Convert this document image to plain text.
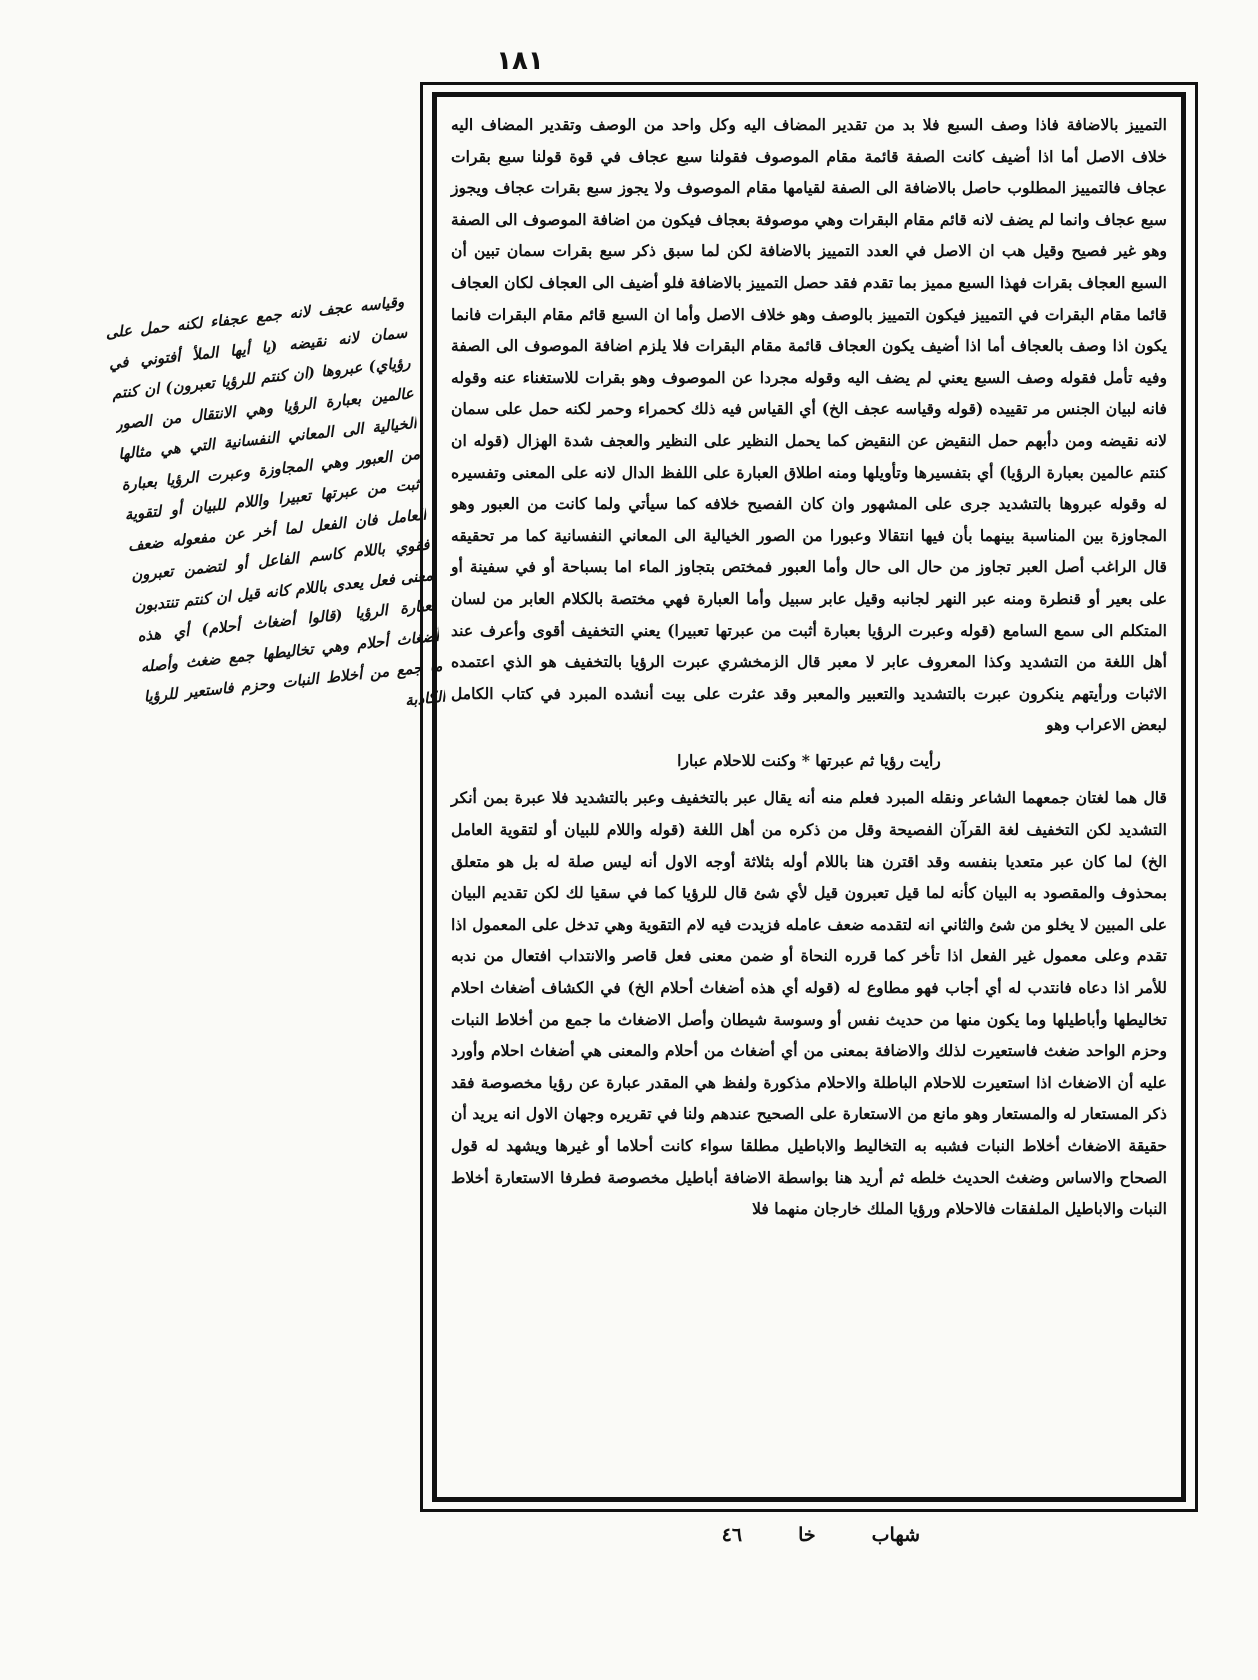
١٨١

التمييز بالاضافة فاذا وصف السبع فلا بد من تقدير المضاف اليه وكل واحد من الوصف وتقدير المضاف اليه خلاف الاصل أما اذا أضيف كانت الصفة قائمة مقام الموصوف فقولنا سبع عجاف في قوة قولنا سبع بقرات عجاف فالتمييز المطلوب حاصل بالاضافة الى الصفة لقيامها مقام الموصوف ولا يجوز سبع بقرات عجاف ويجوز سبع عجاف وانما لم يضف لانه قائم مقام البقرات وهي موصوفة بعجاف فيكون من اضافة الموصوف الى الصفة وهو غير فصيح وقيل هب ان الاصل في العدد التمييز بالاضافة لكن لما سبق ذكر سبع بقرات سمان تبين أن السبع العجاف بقرات فهذا السبع مميز بما تقدم فقد حصل التمييز بالاضافة فلو أضيف الى العجاف لكان العجاف قائما مقام البقرات في التمييز فيكون التمييز بالوصف وهو خلاف الاصل وأما ان السبع قائم مقام البقرات فانما يكون اذا وصف بالعجاف أما اذا أضيف يكون العجاف قائمة مقام البقرات فلا يلزم اضافة الموصوف الى الصفة وفيه تأمل فقوله وصف السبع يعني لم يضف اليه وقوله مجردا عن الموصوف وهو بقرات للاستغناء عنه وقوله فانه لبيان الجنس مر تقييده (قوله وقياسه عجف الخ) أي القياس فيه ذلك كحمراء وحمر لكنه حمل على سمان لانه نقيضه ومن دأبهم حمل النقيض عن النقيض كما يحمل النظير على النظير والعجف شدة الهزال (قوله ان كنتم عالمين بعبارة الرؤيا) أي بتفسيرها وتأويلها ومنه اطلاق العبارة على اللفظ الدال لانه على المعنى وتفسيره له وقوله عبروها بالتشديد جرى على المشهور وان كان الفصيح خلافه كما سيأتي ولما كانت من العبور وهو المجاوزة بين المناسبة بينهما بأن فيها انتقالا وعبورا من الصور الخيالية الى المعاني النفسانية كما مر تحقيقه قال الراغب أصل العبر تجاوز من حال الى حال وأما العبور فمختص بتجاوز الماء اما بسباحة أو في سفينة أو على بعير أو قنطرة ومنه عبر النهر لجانبه وقيل عابر سبيل وأما العبارة فهي مختصة بالكلام العابر من لسان المتكلم الى سمع السامع (قوله وعبرت الرؤيا بعبارة أثبت من عبرتها تعبيرا) يعني التخفيف أقوى وأعرف عند أهل اللغة من التشديد وكذا المعروف عابر لا معبر قال الزمخشري عبرت الرؤيا بالتخفيف هو الذي اعتمده الاثبات ورأيتهم ينكرون عبرت بالتشديد والتعبير والمعبر وقد عثرت على بيت أنشده المبرد في كتاب الكامل لبعض الاعراب وهو

رأيت رؤيا ثم عبرتها * وكنت للاحلام عبارا

قال هما لغتان جمعهما الشاعر ونقله المبرد فعلم منه أنه يقال عبر بالتخفيف وعبر بالتشديد فلا عبرة بمن أنكر التشديد لكن التخفيف لغة القرآن الفصيحة وقل من ذكره من أهل اللغة (قوله واللام للبيان أو لتقوية العامل الخ) لما كان عبر متعديا بنفسه وقد اقترن هنا باللام أوله بثلاثة أوجه الاول أنه ليس صلة له بل هو متعلق بمحذوف والمقصود به البيان كأنه لما قيل تعبرون قيل لأي شئ قال للرؤيا كما في سقيا لك لكن تقديم البيان على المبين لا يخلو من شئ والثاني انه لتقدمه ضعف عامله فزيدت فيه لام التقوية وهي تدخل على المعمول اذا تقدم وعلى معمول غير الفعل اذا تأخر كما قرره النحاة أو ضمن معنى فعل قاصر والانتداب افتعال من ندبه للأمر اذا دعاه فانتدب له أي أجاب فهو مطاوع له (قوله أي هذه أضغاث أحلام الخ) في الكشاف أضغاث احلام تخاليطها وأباطيلها وما يكون منها من حديث نفس أو وسوسة شيطان وأصل الاضغاث ما جمع من أخلاط النبات وحزم الواحد ضغث فاستعيرت لذلك والاضافة بمعنى من أي أضغاث من أحلام والمعنى هي أضغاث احلام وأورد عليه أن الاضغاث اذا استعيرت للاحلام الباطلة والاحلام مذكورة ولفظ هي المقدر عبارة عن رؤيا مخصوصة فقد ذكر المستعار له والمستعار وهو مانع من الاستعارة على الصحيح عندهم ولنا في تقريره وجهان الاول انه يريد أن حقيقة الاضغاث أخلاط النبات فشبه به التخاليط والاباطيل مطلقا سواء كانت أحلاما أو غيرها ويشهد له قول الصحاح والاساس وضغث الحديث خلطه ثم أريد هنا بواسطة الاضافة أباطيل مخصوصة فطرفا الاستعارة أخلاط النبات والاباطيل الملفقات فالاحلام ورؤيا الملك خارجان منهما فلا

وقياسه عجف لانه جمع عجفاء لكنه حمل على سمان لانه نقيضه (يا أيها الملأ أفتوني في رؤياي) عبروها (ان كنتم للرؤيا تعبرون) ان كنتم عالمين بعبارة الرؤيا وهي الانتقال من الصور الخيالية الى المعاني النفسانية التي هي مثالها من العبور وهي المجاوزة وعبرت الرؤيا بعبارة أثبت من عبرتها تعبيرا واللام للبيان أو لتقوية العامل فان الفعل لما أخر عن مفعوله ضعف فقوي باللام كاسم الفاعل أو لتضمن تعبرون معنى فعل يعدى باللام كانه قيل ان كنتم تنتدبون لعبارة الرؤيا (قالوا أضغاث أحلام) أي هذه أضغاث أحلام وهي تخاليطها جمع ضغث وأصله ما جمع من أخلاط النبات وحزم فاستعير للرؤيا الكاذبة
شهاب
خا
٤٦
